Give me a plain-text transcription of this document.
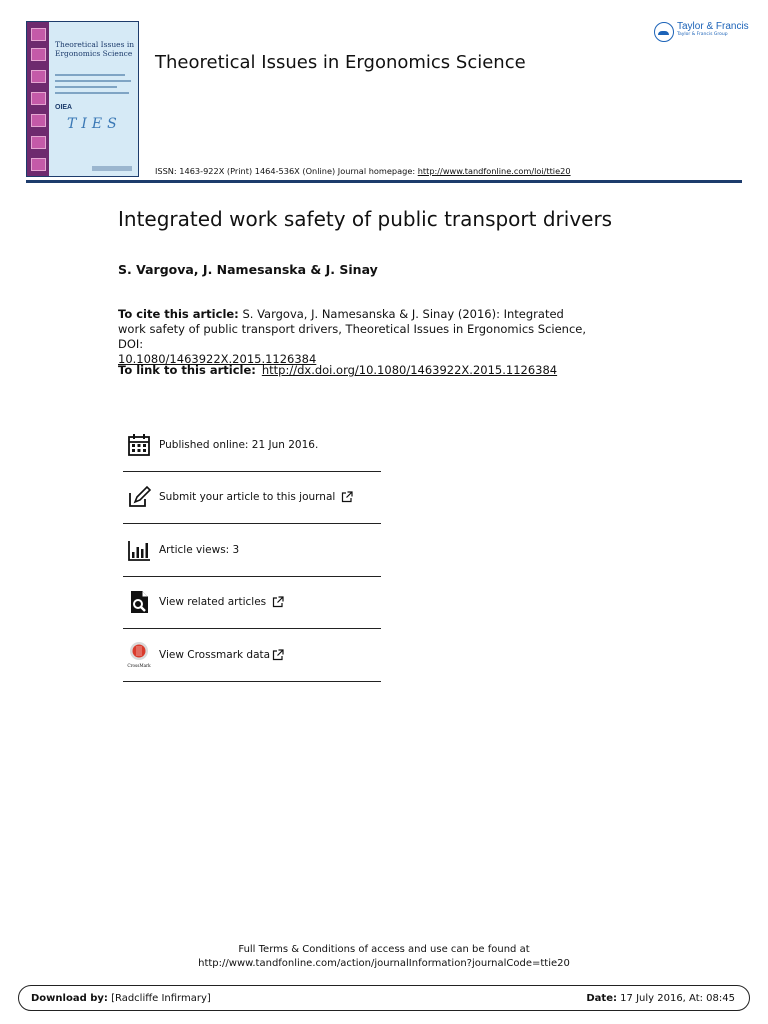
Theoretical Issues in Ergonomics Science
OIEA
TIES
Theoretical Issues in Ergonomics Science
Taylor & Francis
Taylor & Francis Group
ISSN: 1463-922X (Print) 1464-536X (Online) Journal homepage: http://www.tandfonline.com/loi/ttie20
Integrated work safety of public transport drivers
S. Vargova, J. Namesanska & J. Sinay
To cite this article: S. Vargova, J. Namesanska & J. Sinay (2016): Integrated work safety of public transport drivers, Theoretical Issues in Ergonomics Science, DOI:
10.1080/1463922X.2015.1126384
To link to this article: http://dx.doi.org/10.1080/1463922X.2015.1126384
Published online: 21 Jun 2016.
Submit your article to this journal
Article views: 3
View related articles
CrossMark
View Crossmark data
Full Terms & Conditions of access and use can be found at
http://www.tandfonline.com/action/journalInformation?journalCode=ttie20
Download by: [Radcliffe Infirmary]	Date: 17 July 2016, At: 08:45
